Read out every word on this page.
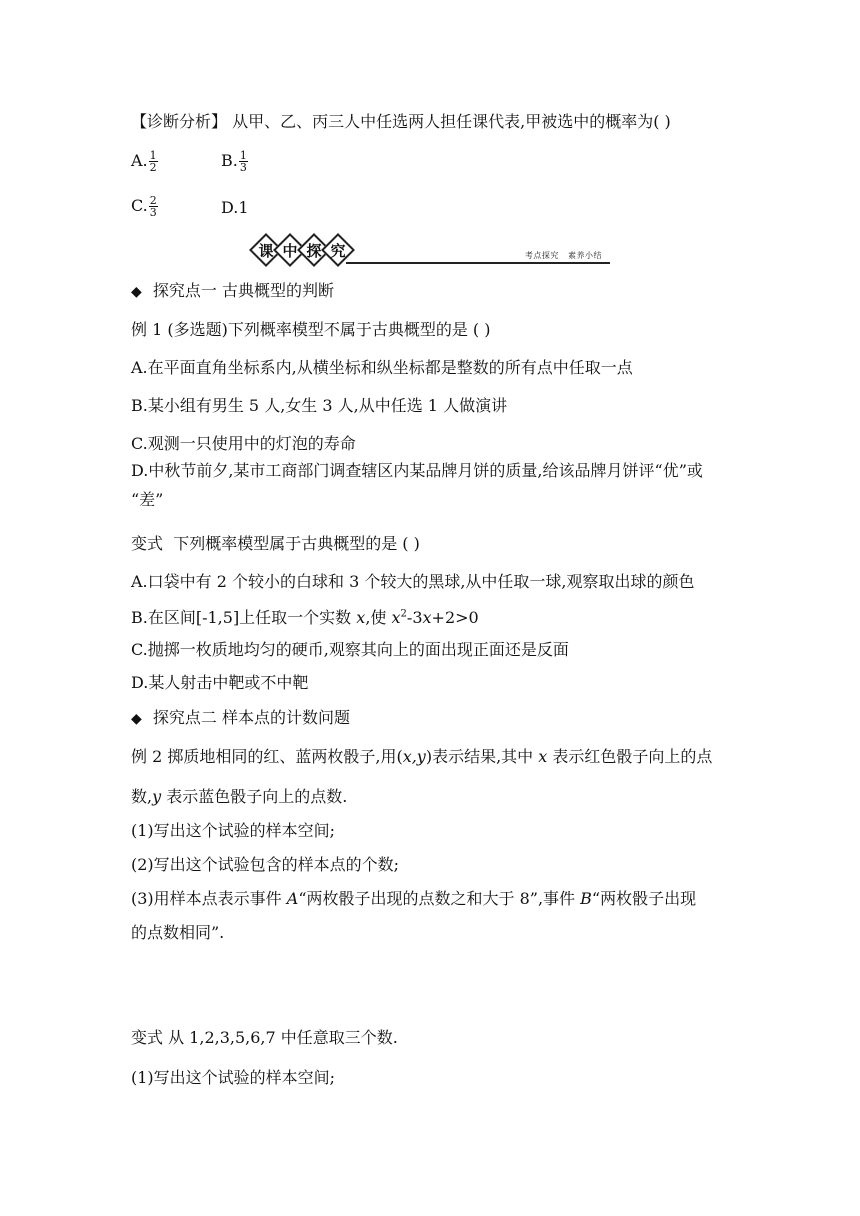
【诊断分析】 从甲、乙、丙三人中任选两人担任课代表,甲被选中的概率为( )
A. $\frac{1}{2}$	B. $\frac{1}{3}$
C. $\frac{2}{3}$	D.1
课 中 探 究	考点探究 素养小结
◆ 探究点一 古典概型的判断
例 1 (多选题)下列概率模型不属于古典概型的是 ( )
A.在平面直角坐标系内,从横坐标和纵坐标都是整数的所有点中任取一点
B.某小组有男生 5 人,女生 3 人,从中任选 1 人做演讲
C.观测一只使用中的灯泡的寿命
D.中秋节前夕,某市工商部门调查辖区内某品牌月饼的质量,给该品牌月饼评“优”或
“差”
变式 下列概率模型属于古典概型的是 ( )
A.口袋中有 2 个较小的白球和 3 个较大的黑球,从中任取一球,观察取出球的颜色
B.在区间[-1,5]上任取一个实数 x,使 $x^2-3x+2>0$
C.抛掷一枚质地均匀的硬币,观察其向上的面出现正面还是反面
D.某人射击中靶或不中靶
◆ 探究点二 样本点的计数问题
例 2 掷质地相同的红、蓝两枚骰子,用(x,y)表示结果,其中 x 表示红色骰子向上的点
数,y 表示蓝色骰子向上的点数.
(1)写出这个试验的样本空间;
(2)写出这个试验包含的样本点的个数;
(3)用样本点表示事件 A“两枚骰子出现的点数之和大于 8”,事件 B“两枚骰子出现
的点数相同”.
变式 从 1,2,3,5,6,7 中任意取三个数.
(1)写出这个试验的样本空间;
